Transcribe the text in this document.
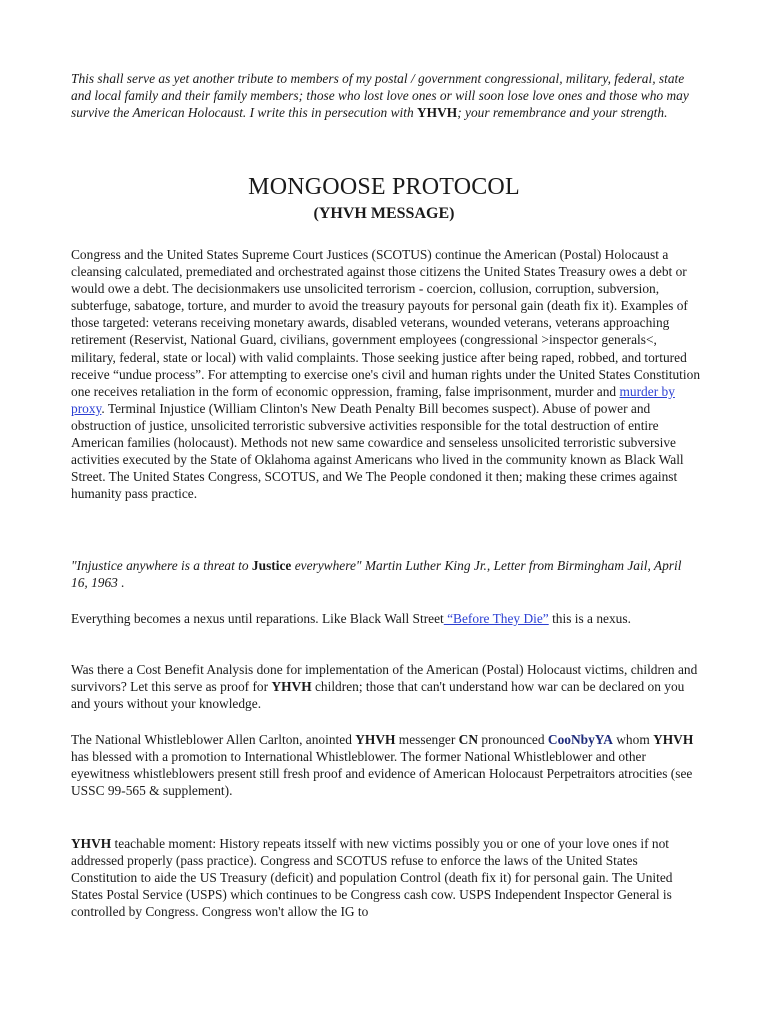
This shall serve as yet another tribute to members of my postal / government congressional, military, federal, state and local family and their family members; those who lost love ones or will soon lose love ones and those who may survive the American Holocaust. I write this in persecution with YHVH; your remembrance and your strength.

MONGOOSE PROTOCOL
(YHVH MESSAGE)

Congress and the United States Supreme Court Justices (SCOTUS) continue the American (Postal) Holocaust a cleansing calculated, premediated and orchestrated against those citizens the United States Treasury owes a debt or would owe a debt. The decisionmakers use unsolicited terrorism - coercion, collusion, corruption, subversion, subterfuge, sabatoge, torture, and murder to avoid the treasury payouts for personal gain (death fix it). Examples of those targeted: veterans receiving monetary awards, disabled veterans, wounded veterans, veterans approaching retirement (Reservist, National Guard, civilians, government employees (congressional >inspector generals<, military, federal, state or local) with valid complaints. Those seeking justice after being raped, robbed, and tortured receive “undue process”. For attempting to exercise one's civil and human rights under the United States Constitution one receives retaliation in the form of economic oppression, framing, false imprisonment, murder and murder by proxy. Terminal Injustice (William Clinton's New Death Penalty Bill becomes suspect). Abuse of power and obstruction of justice, unsolicited terroristic subversive activities responsible for the total destruction of entire American families (holocaust). Methods not new same cowardice and senseless unsolicited terroristic subversive activities executed by the State of Oklahoma against Americans who lived in the community known as Black Wall Street. The United States Congress, SCOTUS, and We The People condoned it then; making these crimes against humanity pass practice.

"Injustice anywhere is a threat to Justice everywhere" Martin Luther King Jr., Letter from Birmingham Jail, April 16, 1963 .

Everything becomes a nexus until reparations. Like Black Wall Street “Before They Die” this is a nexus.

Was there a Cost Benefit Analysis done for implementation of the American (Postal) Holocaust victims, children and survivors? Let this serve as proof for YHVH children; those that can't understand how war can be declared on you and yours without your knowledge.

The National Whistleblower Allen Carlton, anointed YHVH messenger CN pronounced CooNbyYA whom YHVH has blessed with a promotion to International Whistleblower. The former National Whistleblower and other eyewitness whistleblowers present still fresh proof and evidence of American Holocaust Perpetraitors atrocities (see USSC 99-565 & supplement).

YHVH teachable moment: History repeats itsself with new victims possibly you or one of your love ones if not addressed properly (pass practice). Congress and SCOTUS refuse to enforce the laws of the United States Constitution to aide the US Treasury (deficit) and population Control (death fix it) for personal gain. The United States Postal Service (USPS) which continues to be Congress cash cow. USPS Independent Inspector General is controlled by Congress. Congress won't allow the IG to
